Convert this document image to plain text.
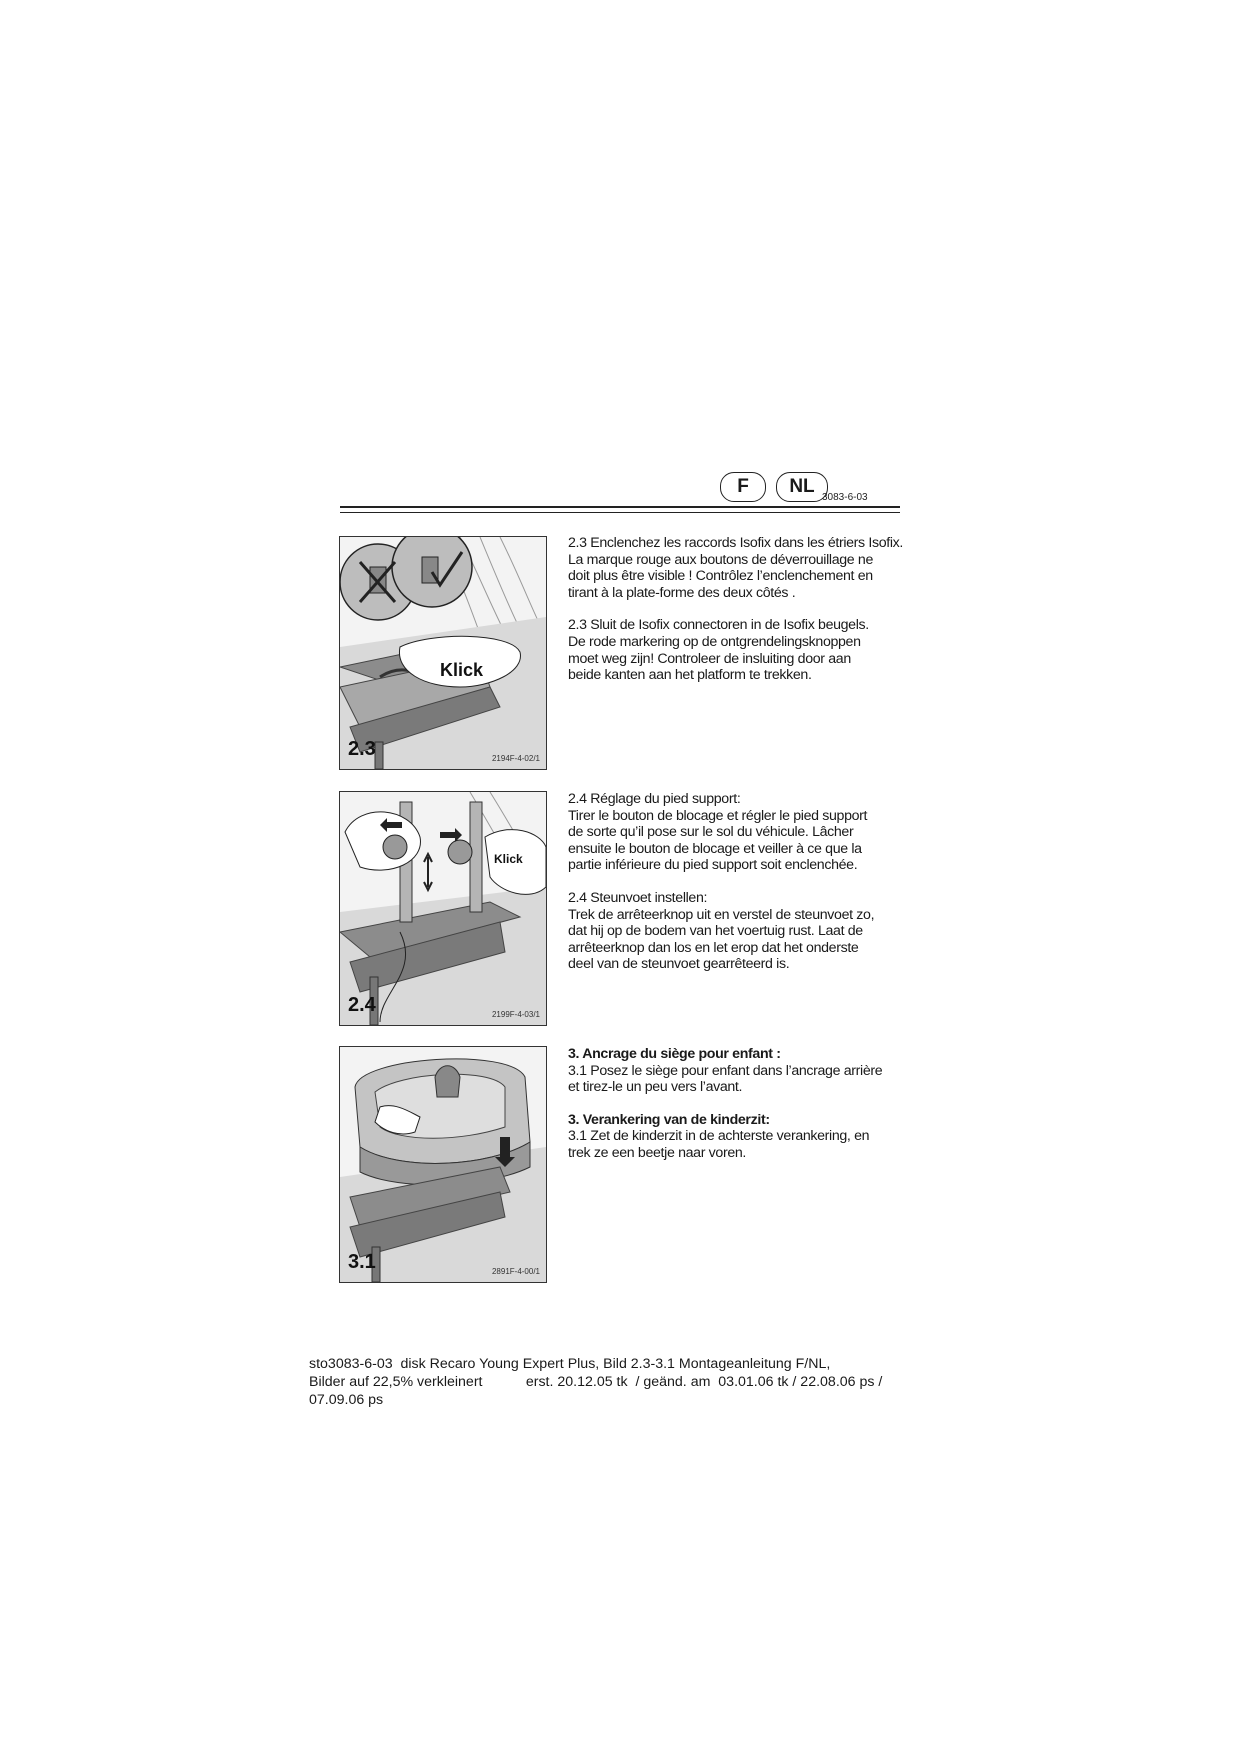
F	NL
3083-6-03
Klick
2.3	2194F-4-02/1
Klick
2.4	2199F-4-03/1
3.1	2891F-4-00/1

2.3 Enclenchez les raccords Isofix dans les étriers Isofix.

La marque rouge aux boutons de déverrouillage ne

doit plus être visible ! Contrôlez l’enclenchement en

tirant à la plate-forme des deux côtés .

2.3 Sluit de Isofix connectoren in de Isofix beugels.

De rode markering op de ontgrendelingsknoppen

moet weg zijn! Controleer de insluiting door aan

beide kanten aan het platform te trekken.

2.4 Réglage du pied support:

Tirer le bouton de blocage et régler le pied support

de sorte qu’il pose sur le sol du véhicule. Lâcher

ensuite le bouton de blocage et veiller à ce que la

partie inférieure du pied support soit enclenchée.

2.4 Steunvoet instellen:

Trek de arrêteerknop uit en verstel de steunvoet zo,

dat hij op de bodem van het voertuig rust. Laat de

arrêteerknop dan los en let erop dat het onderste

deel van de steunvoet gearrêteerd is.

3. Ancrage du siège pour enfant :

3.1 Posez le siège pour enfant dans l’ancrage arrière

et tirez-le un peu vers l’avant.

3. Verankering van de kinderzit:

3.1 Zet de kinderzit in de achterste verankering, en

trek ze een beetje naar voren.

sto3083-6-03  disk Recaro Young Expert Plus, Bild 2.3-3.1 Montageanleitung F/NL,

Bilder auf 22,5% verkleinert           erst. 20.12.05 tk  / geänd. am  03.01.06 tk / 22.08.06 ps /

07.09.06 ps
